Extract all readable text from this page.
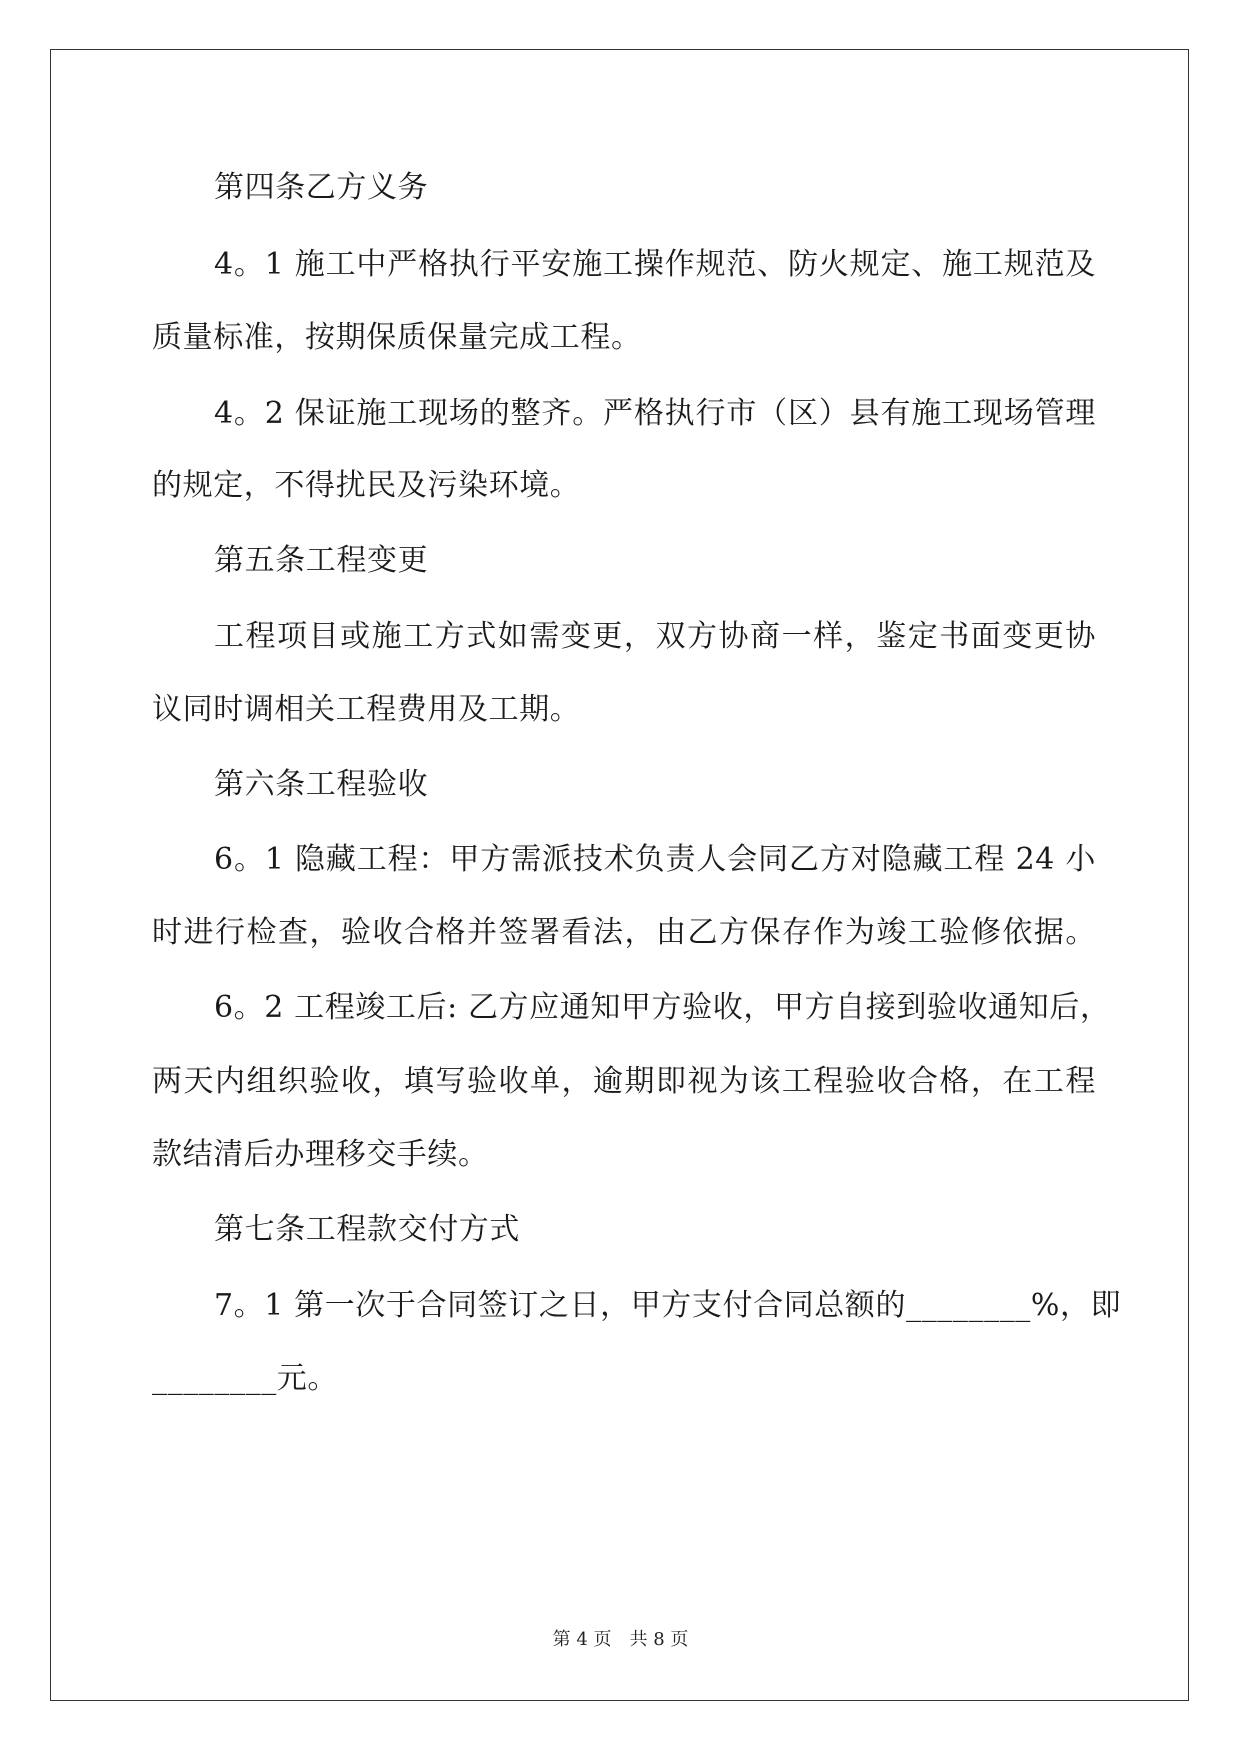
第四条乙方义务
4。1 施工中严格执行平安施工操作规范、防火规定、施工规范及
质量标准，按期保质保量完成工程。
4。2 保证施工现场的整齐。严格执行市（区）县有施工现场管理
的规定，不得扰民及污染环境。
第五条工程变更
工程项目或施工方式如需变更，双方协商一样，鉴定书面变更协
议同时调相关工程费用及工期。
第六条工程验收
6。1 隐藏工程：甲方需派技术负责人会同乙方对隐藏工程 24 小
时进行检查，验收合格并签署看法，由乙方保存作为竣工验修依据。
6。2 工程竣工后: 乙方应通知甲方验收，甲方自接到验收通知后，
两天内组织验收，填写验收单，逾期即视为该工程验收合格，在工程
款结清后办理移交手续。
第七条工程款交付方式
7。1 第一次于合同签订之日，甲方支付合同总额的________%，即
________元。
第 4 页 共 8 页
